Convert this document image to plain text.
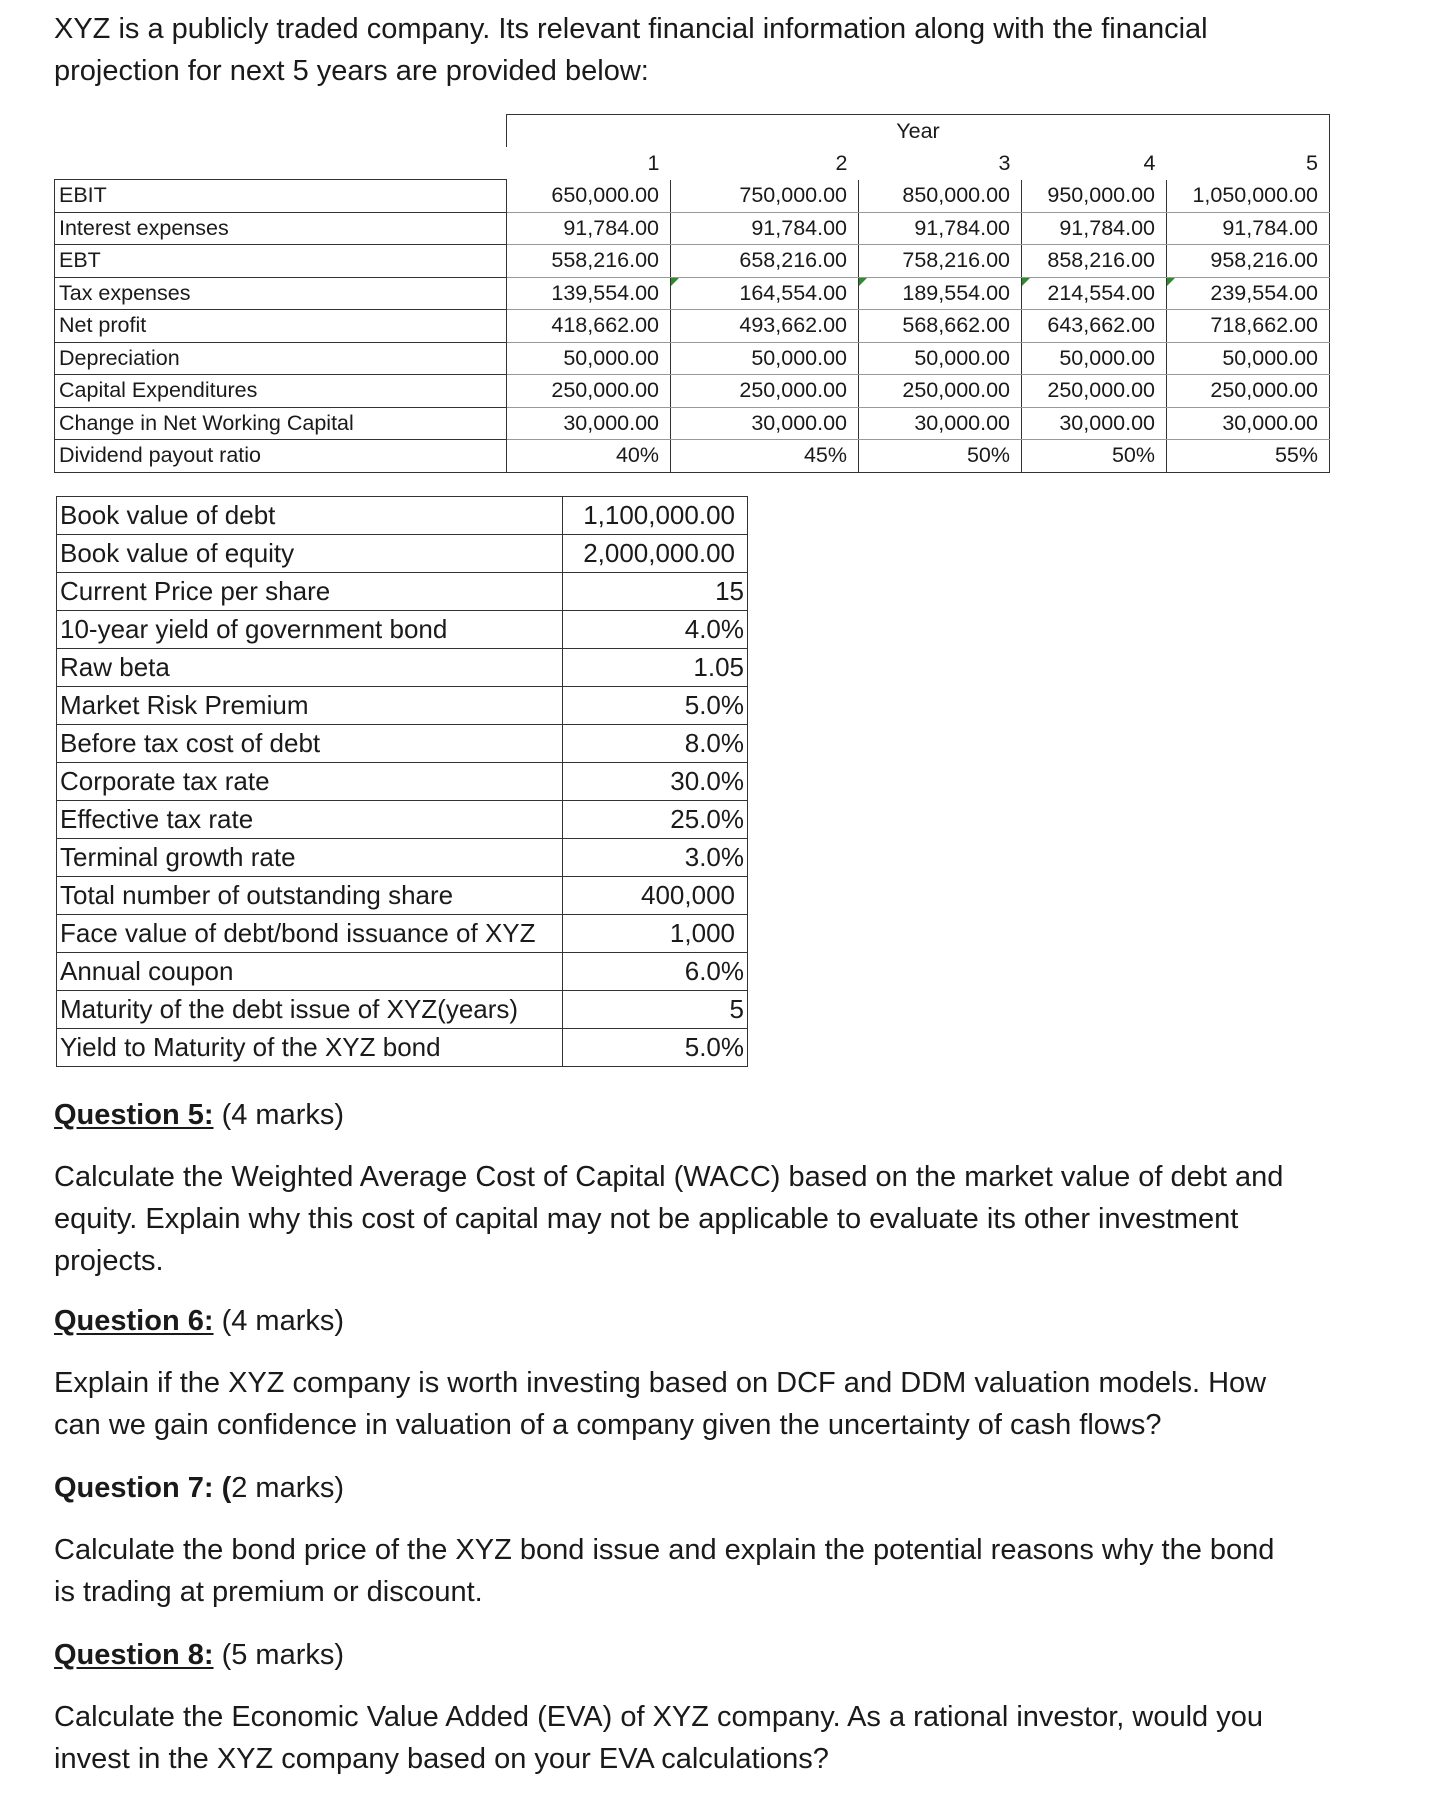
XYZ is a publicly traded company. Its relevant financial information along with the financial projection for next 5 years are provided below:

	Year				
	1	2	3	4	5
EBIT	650,000.00	750,000.00	850,000.00	950,000.00	1,050,000.00
Interest expenses	91,784.00	91,784.00	91,784.00	91,784.00	91,784.00
EBT	558,216.00	658,216.00	758,216.00	858,216.00	958,216.00
Tax expenses	139,554.00	164,554.00	189,554.00	214,554.00	239,554.00
Net profit	418,662.00	493,662.00	568,662.00	643,662.00	718,662.00
Depreciation	50,000.00	50,000.00	50,000.00	50,000.00	50,000.00
Capital Expenditures	250,000.00	250,000.00	250,000.00	250,000.00	250,000.00
Change in Net Working Capital	30,000.00	30,000.00	30,000.00	30,000.00	30,000.00
Dividend payout ratio	40%	45%	50%	50%	55%
Book value of debt	1,100,000.00
Book value of equity	2,000,000.00
Current Price per share	15
10-year yield of government bond	4.0%
Raw beta	1.05
Market Risk Premium	5.0%
Before tax cost of debt	8.0%
Corporate tax rate	30.0%
Effective tax rate	25.0%
Terminal growth rate	3.0%
Total number of outstanding share	400,000
Face value of debt/bond issuance of XYZ	1,000
Annual coupon	6.0%
Maturity of the debt issue of XYZ(years)	5
Yield to Maturity of the XYZ bond	5.0%

Question 5: (4 marks)

Calculate the Weighted Average Cost of Capital (WACC) based on the market value of debt and equity. Explain why this cost of capital may not be applicable to evaluate its other investment projects.

Question 6: (4 marks)

Explain if the XYZ company is worth investing based on DCF and DDM valuation models. How can we gain confidence in valuation of a company given the uncertainty of cash flows?

Question 7: (2 marks)

Calculate the bond price of the XYZ bond issue and explain the potential reasons why the bond is trading at premium or discount.

Question 8: (5 marks)

Calculate the Economic Value Added (EVA) of XYZ company. As a rational investor, would you invest in the XYZ company based on your EVA calculations?
